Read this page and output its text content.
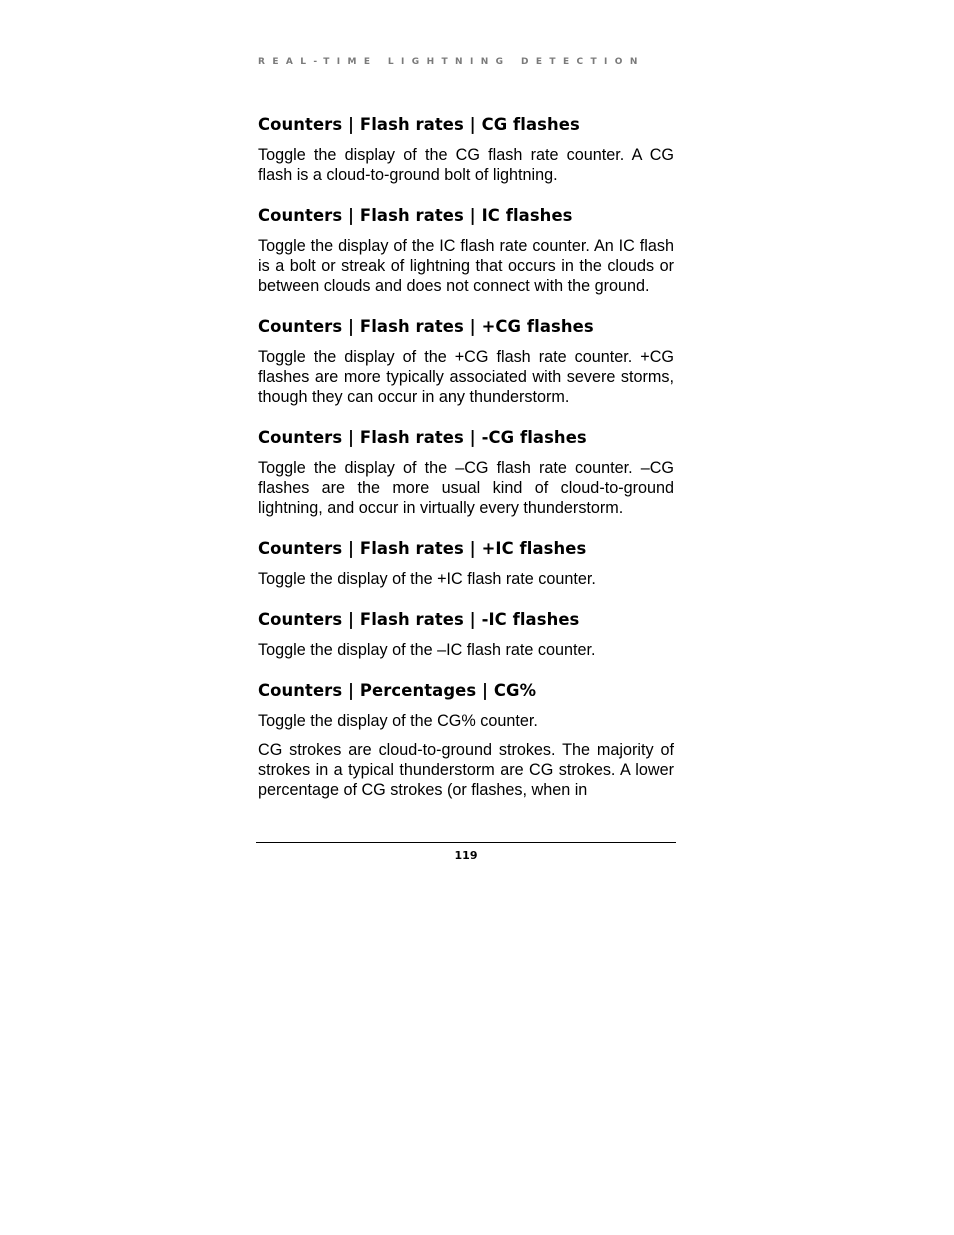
REAL-TIME LIGHTNING DETECTION
Counters | Flash rates | CG flashes

Toggle the display of the CG flash rate counter. A CG flash is a cloud-to-ground bolt of lightning.

Counters | Flash rates | IC flashes

Toggle the display of the IC flash rate counter. An IC flash is a bolt or streak of lightning that occurs in the clouds or between clouds and does not connect with the ground.

Counters | Flash rates | +CG flashes

Toggle the display of the +CG flash rate counter. +CG flashes are more typically associated with severe storms, though they can occur in any thunderstorm.

Counters | Flash rates | -CG flashes

Toggle the display of the –CG flash rate counter. –CG flashes are the more usual kind of cloud-to-ground lightning, and occur in virtually every thunderstorm.

Counters | Flash rates | +IC flashes

Toggle the display of the +IC flash rate counter.

Counters | Flash rates | -IC flashes

Toggle the display of the –IC flash rate counter.

Counters | Percentages | CG%

Toggle the display of the CG% counter.

CG strokes are cloud-to-ground strokes. The majority of strokes in a typical thunderstorm are CG strokes. A lower percentage of CG strokes (or flashes, when in

119
